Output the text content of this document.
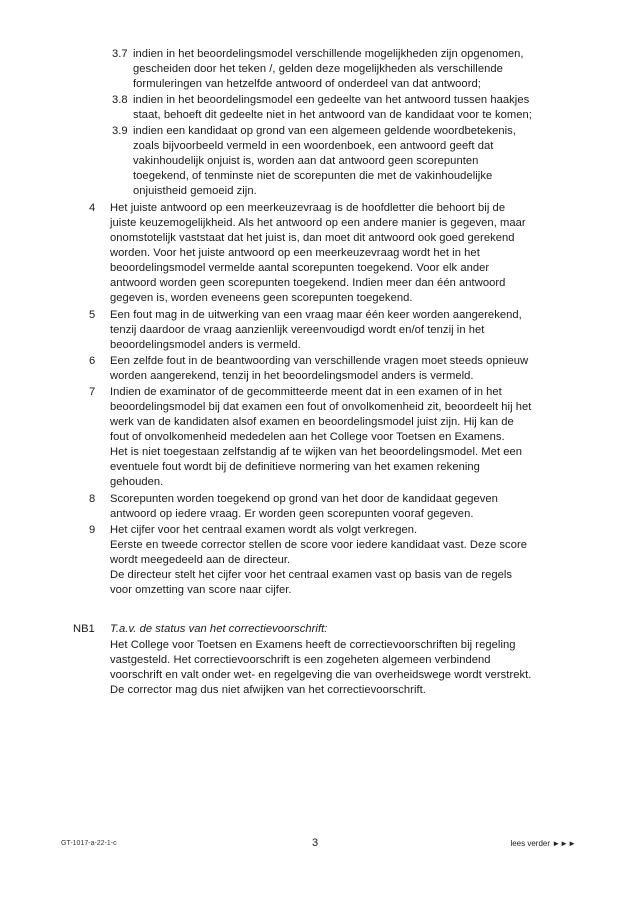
3.7 indien in het beoordelingsmodel verschillende mogelijkheden zijn opgenomen,
gescheiden door het teken /, gelden deze mogelijkheden als verschillende
formuleringen van hetzelfde antwoord of onderdeel van dat antwoord;
3.8 indien in het beoordelingsmodel een gedeelte van het antwoord tussen haakjes
staat, behoeft dit gedeelte niet in het antwoord van de kandidaat voor te komen;
3.9 indien een kandidaat op grond van een algemeen geldende woordbetekenis,
zoals bijvoorbeeld vermeld in een woordenboek, een antwoord geeft dat
vakinhoudelijk onjuist is, worden aan dat antwoord geen scorepunten
toegekend, of tenminste niet de scorepunten die met de vakinhoudelijke
onjuistheid gemoeid zijn.
4 Het juiste antwoord op een meerkeuzevraag is de hoofdletter die behoort bij de
juiste keuzemogelijkheid. Als het antwoord op een andere manier is gegeven, maar
onomstotelijk vaststaat dat het juist is, dan moet dit antwoord ook goed gerekend
worden. Voor het juiste antwoord op een meerkeuzevraag wordt het in het
beoordelingsmodel vermelde aantal scorepunten toegekend. Voor elk ander
antwoord worden geen scorepunten toegekend. Indien meer dan één antwoord
gegeven is, worden eveneens geen scorepunten toegekend.
5 Een fout mag in de uitwerking van een vraag maar één keer worden aangerekend,
tenzij daardoor de vraag aanzienlijk vereenvoudigd wordt en/of tenzij in het
beoordelingsmodel anders is vermeld.
6 Een zelfde fout in de beantwoording van verschillende vragen moet steeds opnieuw
worden aangerekend, tenzij in het beoordelingsmodel anders is vermeld.
7 Indien de examinator of de gecommitteerde meent dat in een examen of in het
beoordelingsmodel bij dat examen een fout of onvolkomenheid zit, beoordeelt hij het
werk van de kandidaten alsof examen en beoordelingsmodel juist zijn. Hij kan de
fout of onvolkomenheid mededelen aan het College voor Toetsen en Examens.
Het is niet toegestaan zelfstandig af te wijken van het beoordelingsmodel. Met een
eventuele fout wordt bij de definitieve normering van het examen rekening
gehouden.
8 Scorepunten worden toegekend op grond van het door de kandidaat gegeven
antwoord op iedere vraag. Er worden geen scorepunten vooraf gegeven.
9 Het cijfer voor het centraal examen wordt als volgt verkregen.
Eerste en tweede corrector stellen de score voor iedere kandidaat vast. Deze score
wordt meegedeeld aan de directeur.
De directeur stelt het cijfer voor het centraal examen vast op basis van de regels
voor omzetting van score naar cijfer.
NB1 T.a.v. de status van het correctievoorschrift:
Het College voor Toetsen en Examens heeft de correctievoorschriften bij regeling
vastgesteld. Het correctievoorschrift is een zogeheten algemeen verbindend
voorschrift en valt onder wet- en regelgeving die van overheidswege wordt verstrekt.
De corrector mag dus niet afwijken van het correctievoorschrift.
GT-1017-a-22-1-c	3	lees verder ►►►
